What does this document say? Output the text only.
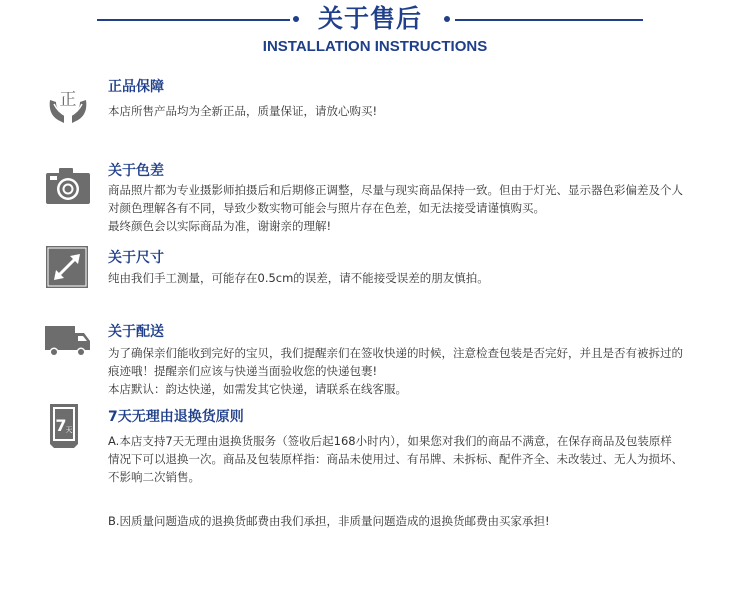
关于售后
INSTALLATION INSTRUCTIONS
正
正品保障
本店所售产品均为全新正品，质量保证，请放心购买!
关于色差
商品照片都为专业摄影师拍摄后和后期修正调整，尽量与现实商品保持一致。但由于灯光、显示器色彩偏差及个人
对颜色理解各有不同，导致少数实物可能会与照片存在色差，如无法接受请谨慎购买。
最终颜色会以实际商品为准，谢谢亲的理解!
关于尺寸
纯由我们手工测量，可能存在0.5cm的误差，请不能接受误差的朋友慎拍。
关于配送
为了确保亲们能收到完好的宝贝，我们提醒亲们在签收快递的时候，注意检查包装是否完好，并且是否有被拆过的
痕迹哦！提醒亲们应该与快递当面验收您的快递包裹!
本店默认：韵达快递，如需发其它快递，请联系在线客服。
7
天
7天无理由退换货原则
A.本店支持7天无理由退换货服务（签收后起168小时内），如果您对我们的商品不满意，在保存商品及包装原样
情况下可以退换一次。商品及包装原样指：商品未使用过、有吊牌、未拆标、配件齐全、未改装过、无人为损坏、
不影响二次销售。
B.因质量问题造成的退换货邮费由我们承担，非质量问题造成的退换货邮费由买家承担!
